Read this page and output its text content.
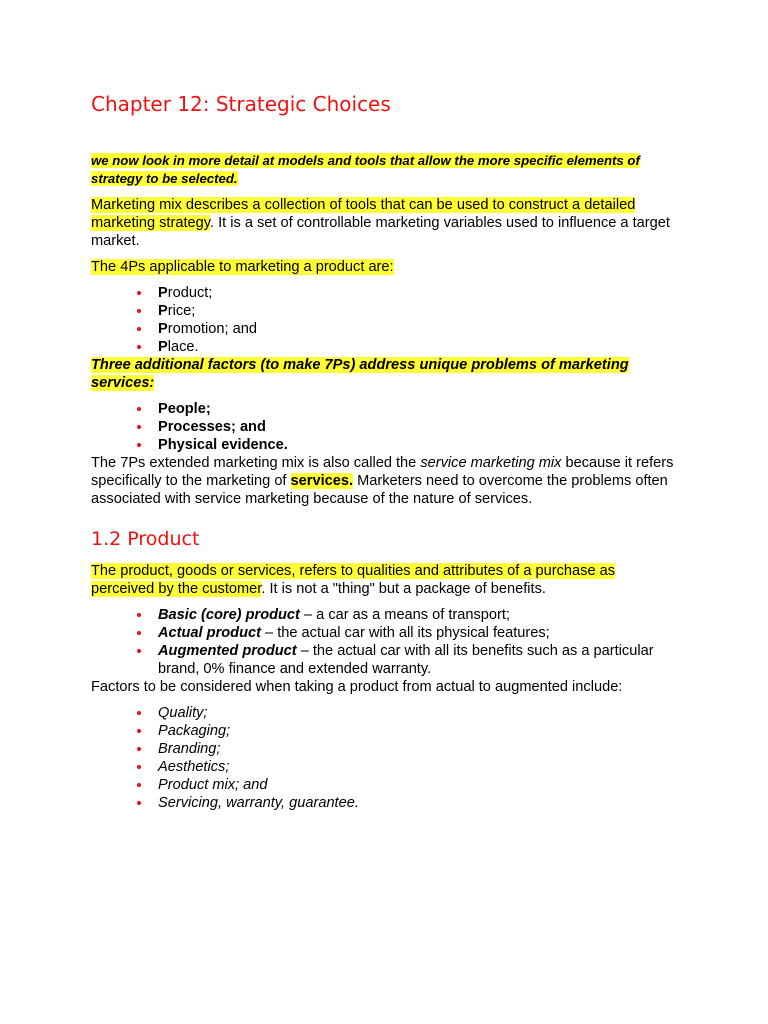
Chapter 12: Strategic Choices

we now look in more detail at models and tools that allow the more specific elements of strategy to be selected.

Marketing mix describes a collection of tools that can be used to construct a detailed marketing strategy. It is a set of controllable marketing variables used to influence a target market.

The 4Ps applicable to marketing a product are:

Product;
Price;
Promotion; and
Place.

Three additional factors (to make 7Ps) address unique problems of marketing services:

People;
Processes; and
Physical evidence.

The 7Ps extended marketing mix is also called the service marketing mix because it refers specifically to the marketing of services. Marketers need to overcome the problems often associated with service marketing because of the nature of services.

1.2 Product

The product, goods or services, refers to qualities and attributes of a purchase as perceived by the customer. It is not a "thing" but a package of benefits.

Basic (core) product – a car as a means of transport;
Actual product – the actual car with all its physical features;
Augmented product – the actual car with all its benefits such as a particular brand, 0% finance and extended warranty.

Factors to be considered when taking a product from actual to augmented include:

Quality;
Packaging;
Branding;
Aesthetics;
Product mix; and
Servicing, warranty, guarantee.
